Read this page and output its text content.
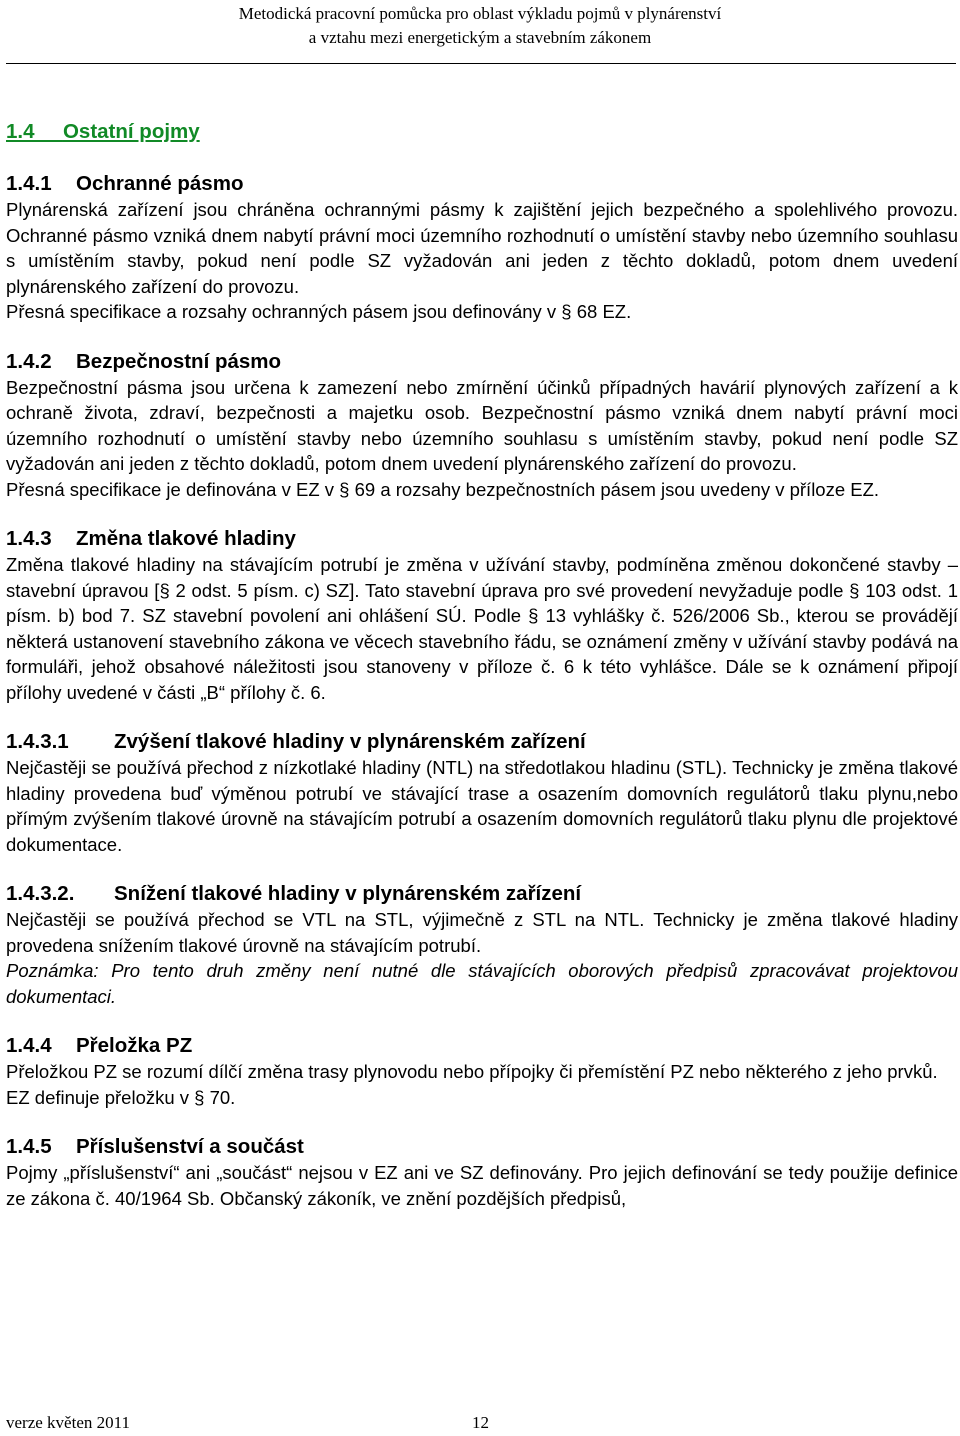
Metodická pracovní pomůcka pro oblast výkladu pojmů v plynárenství
a vztahu mezi energetickým a stavebním zákonem
1.4 Ostatní pojmy
1.4.1 Ochranné pásmo

Plynárenská zařízení jsou chráněna ochrannými pásmy k zajištění jejich bezpečného a spolehlivého provozu. Ochranné pásmo vzniká dnem nabytí právní moci územního rozhodnutí o umístění stavby nebo územního souhlasu s umístěním stavby, pokud není podle SZ vyžadován ani jeden z těchto dokladů, potom dnem uvedení plynárenského zařízení do provozu.

Přesná specifikace a rozsahy ochranných pásem jsou definovány v § 68 EZ.

1.4.2 Bezpečnostní pásmo

Bezpečnostní pásma jsou určena k zamezení nebo zmírnění účinků případných havárií plynových zařízení a k ochraně života, zdraví, bezpečnosti a majetku osob. Bezpečnostní pásmo vzniká dnem nabytí právní moci územního rozhodnutí o umístění stavby nebo územního souhlasu s umístěním stavby, pokud není podle SZ vyžadován ani jeden z těchto dokladů, potom dnem uvedení plynárenského zařízení do provozu.

Přesná specifikace je definována v EZ v § 69 a rozsahy bezpečnostních pásem jsou uvedeny v příloze EZ.

1.4.3 Změna tlakové hladiny

Změna tlakové hladiny na stávajícím potrubí je změna v užívání stavby, podmíněna změnou dokončené stavby – stavební úpravou [§ 2 odst. 5 písm. c) SZ]. Tato stavební úprava pro své provedení nevyžaduje podle § 103 odst. 1 písm. b) bod 7. SZ stavební povolení ani ohlášení SÚ. Podle § 13 vyhlášky č. 526/2006 Sb., kterou se provádějí některá ustanovení stavebního zákona ve věcech stavebního řádu, se oznámení změny v užívání stavby podává na formuláři, jehož obsahové náležitosti jsou stanoveny v příloze č. 6 k této vyhlášce. Dále se k oznámení připojí přílohy uvedené v části „B“ přílohy č. 6.

1.4.3.1 Zvýšení tlakové hladiny v plynárenském zařízení

Nejčastěji se používá přechod z nízkotlaké hladiny (NTL) na středotlakou hladinu (STL). Technicky je změna tlakové hladiny provedena buď výměnou potrubí ve stávající trase a osazením domovních regulátorů tlaku plynu,nebo přímým zvýšením tlakové úrovně na stávajícím potrubí a osazením domovních regulátorů tlaku plynu dle projektové dokumentace.

1.4.3.2. Snížení tlakové hladiny v plynárenském zařízení

Nejčastěji se používá přechod se VTL na STL, výjimečně z STL na NTL. Technicky je změna tlakové hladiny provedena snížením tlakové úrovně na stávajícím potrubí.

Poznámka: Pro tento druh změny není nutné dle stávajících oborových předpisů zpracovávat projektovou dokumentaci.

1.4.4 Přeložka PZ

Přeložkou PZ se rozumí dílčí změna trasy plynovodu nebo přípojky či přemístění PZ nebo některého z jeho prvků.

EZ definuje přeložku v § 70.

1.4.5 Příslušenství a součást

Pojmy „příslušenství“ ani „součást“ nejsou v EZ ani ve SZ definovány. Pro jejich definování se tedy použije definice ze zákona č. 40/1964 Sb. Občanský zákoník, ve znění pozdějších předpisů,

verze květen 2011	12
